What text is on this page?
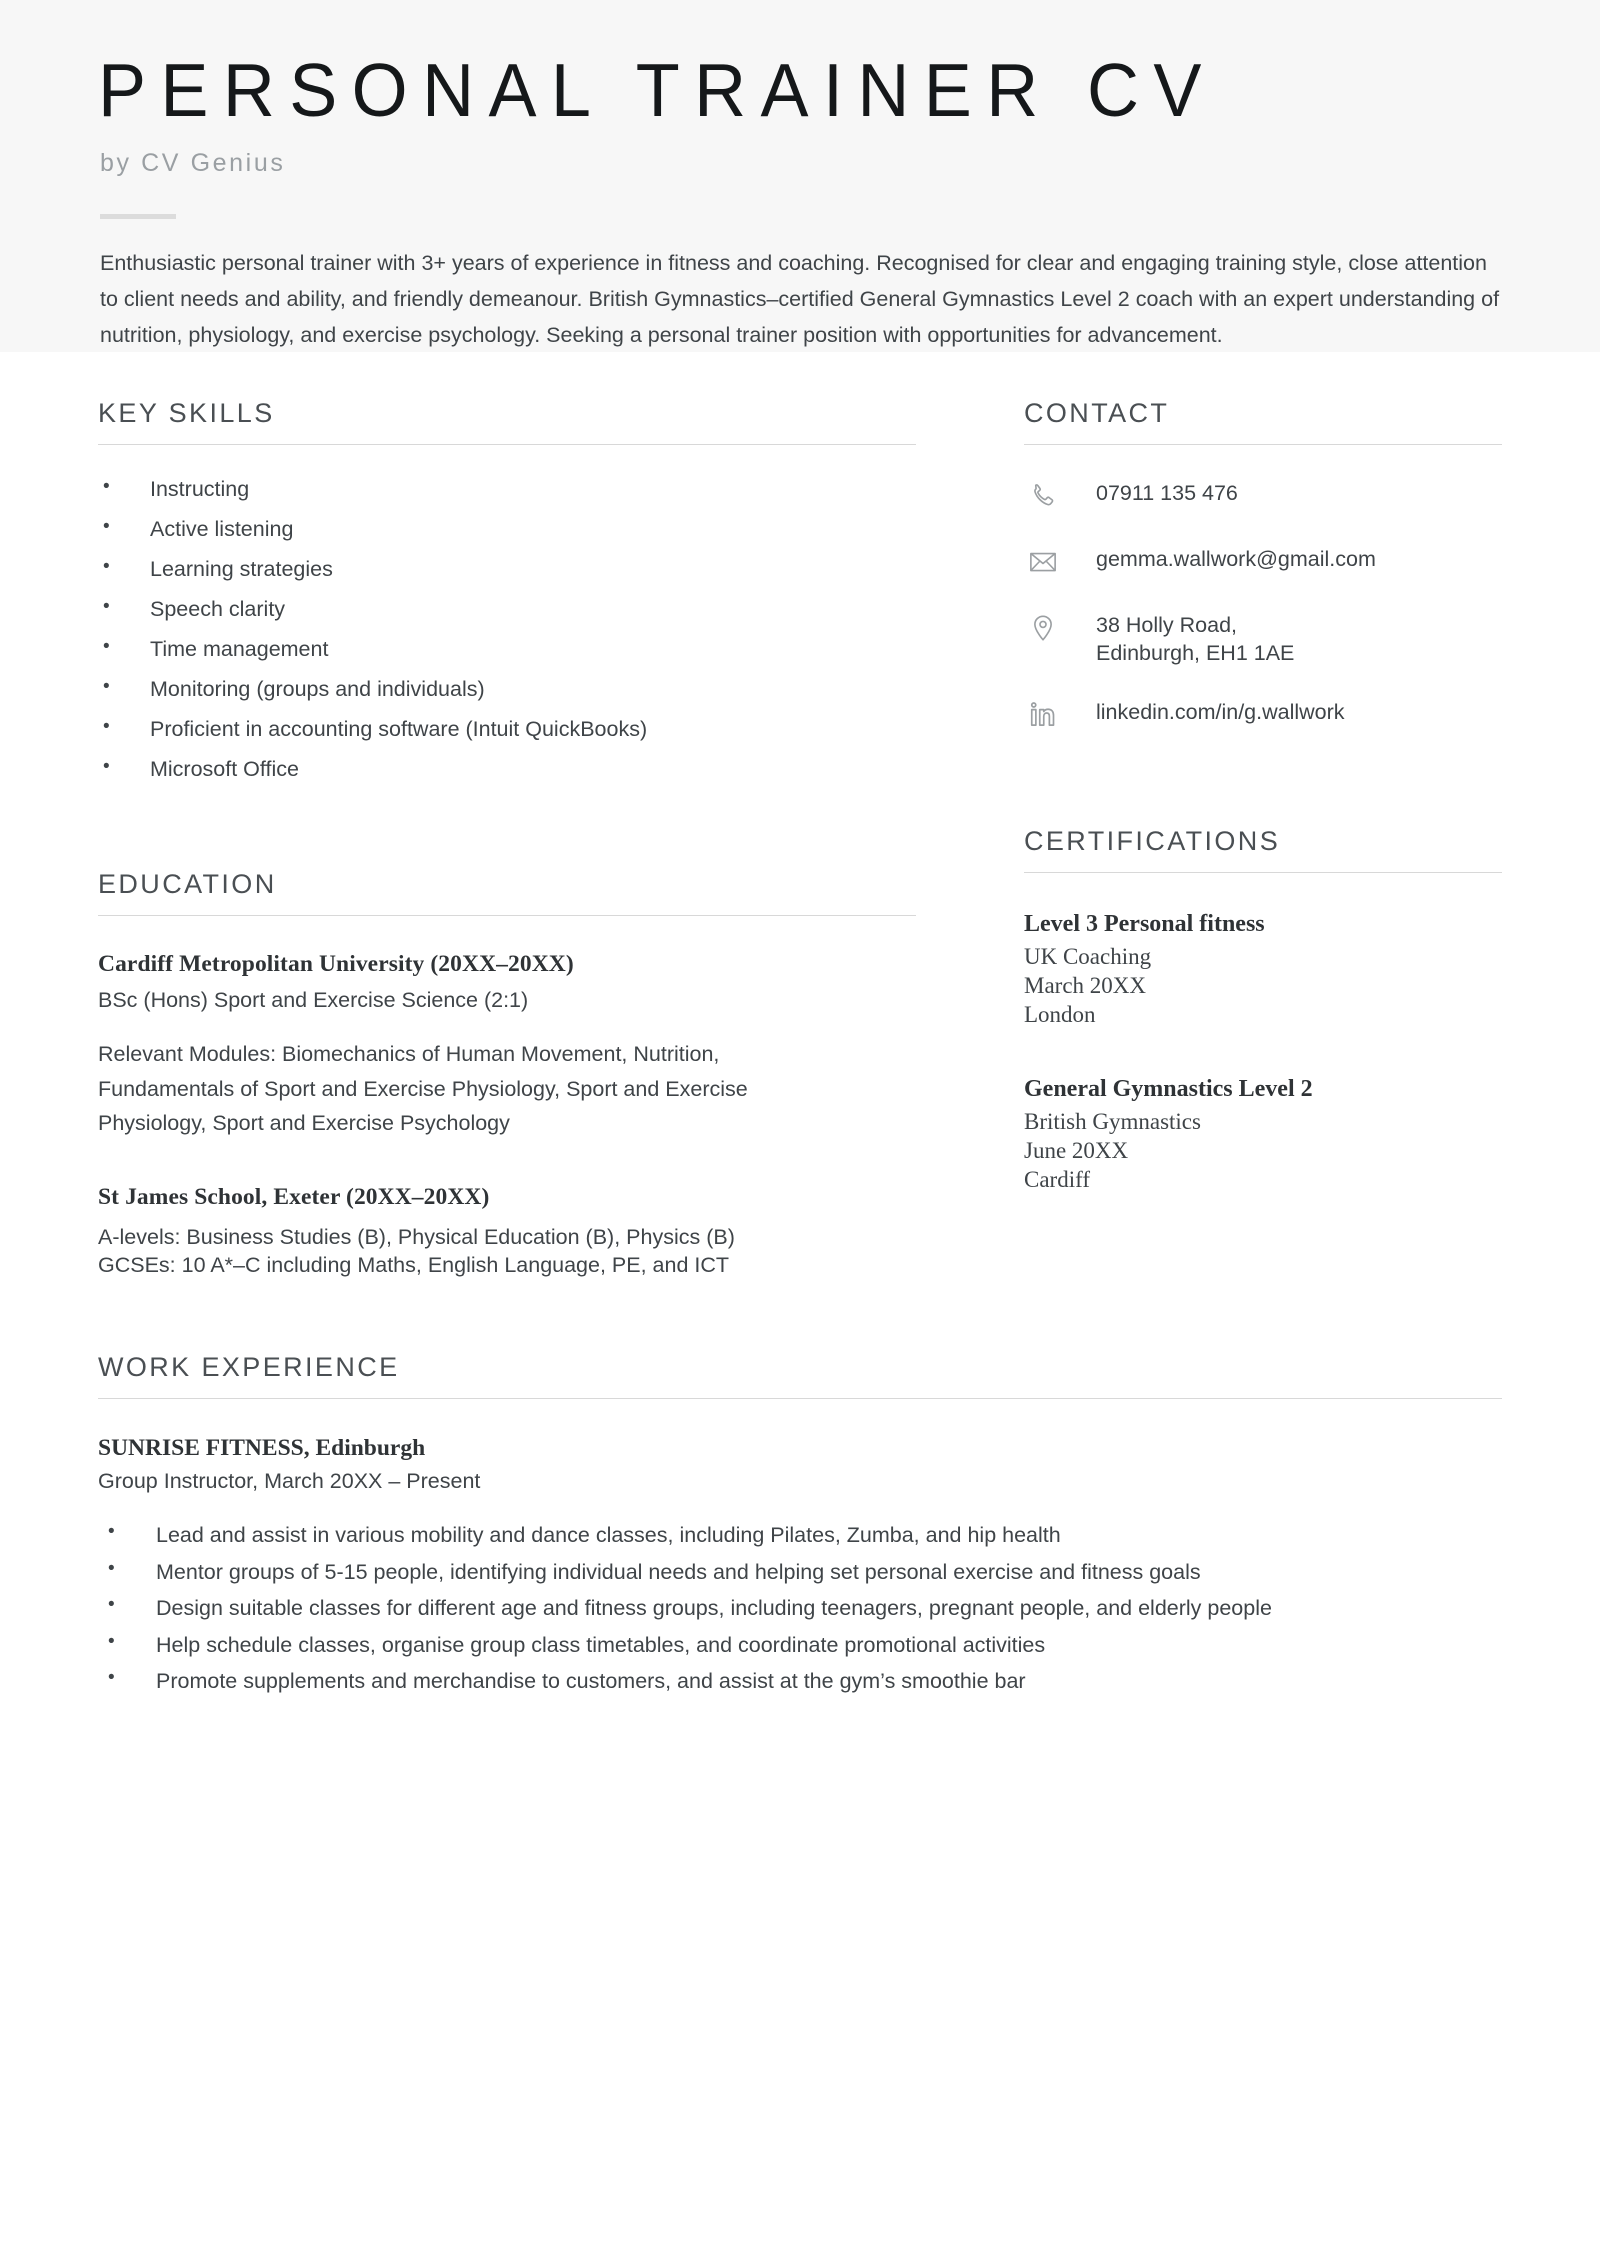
PERSONAL TRAINER CV
by CV Genius

Enthusiastic personal trainer with 3+ years of experience in fitness and coaching. Recognised for clear and engaging training style, close attention to client needs and ability, and friendly demeanour. British Gymnastics–certified General Gymnastics Level 2 coach with an expert understanding of nutrition, physiology, and exercise psychology. Seeking a personal trainer position with opportunities for advancement.

KEY SKILLS
• Instructing
• Active listening
• Learning strategies
• Speech clarity
• Time management
• Monitoring (groups and individuals)
• Proficient in accounting software (Intuit QuickBooks)
• Microsoft Office
EDUCATION
Cardiff Metropolitan University (20XX–20XX)
BSc (Hons) Sport and Exercise Science (2:1)

Relevant Modules: Biomechanics of Human Movement, Nutrition, Fundamentals of Sport and Exercise Physiology, Sport and Exercise Physiology, Sport and Exercise Psychology

St James School, Exeter (20XX–20XX)
A-levels: Business Studies (B), Physical Education (B), Physics (B)
GCSEs: 10 A*–C including Maths, English Language, PE, and ICT
CONTACT
07911 135 476
gemma.wallwork@gmail.com
38 Holly Road,
Edinburgh, EH1 1AE
linkedin.com/in/g.wallwork
CERTIFICATIONS
Level 3 Personal fitness
UK Coaching
March 20XX
London
General Gymnastics Level 2
British Gymnastics
June 20XX
Cardiff
WORK EXPERIENCE
SUNRISE FITNESS, Edinburgh
Group Instructor, March 20XX – Present
• Lead and assist in various mobility and dance classes, including Pilates, Zumba, and hip health
• Mentor groups of 5-15 people, identifying individual needs and helping set personal exercise and fitness goals
• Design suitable classes for different age and fitness groups, including teenagers, pregnant people, and elderly people
• Help schedule classes, organise group class timetables, and coordinate promotional activities
• Promote supplements and merchandise to customers, and assist at the gym’s smoothie bar
